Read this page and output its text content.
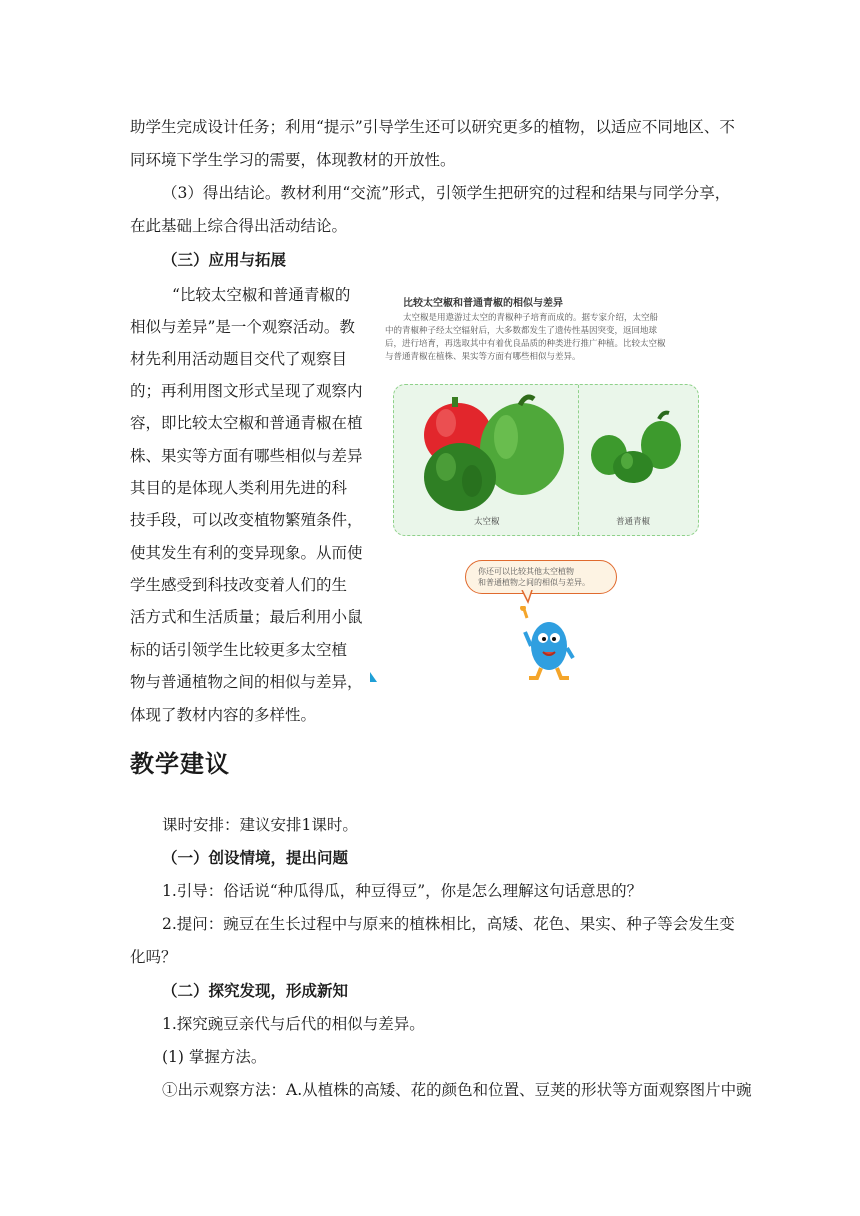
助学生完成设计任务；利用“提示”引导学生还可以研究更多的植物，以适应不同地区、不

同环境下学生学习的需要，体现教材的开放性。

（3）得出结论。教材利用“交流”形式，引领学生把研究的过程和结果与同学分享，

在此基础上综合得出活动结论。

（三）应用与拓展

“比较太空椒和普通青椒的

相似与差异”是一个观察活动。教

材先利用活动题目交代了观察目

的；再利用图文形式呈现了观察内

容，即比较太空椒和普通青椒在植

株、果实等方面有哪些相似与差异

其目的是体现人类利用先进的科

技手段，可以改变植物繁殖条件，

使其发生有利的变异现象。从而使

学生感受到科技改变着人们的生

活方式和生活质量；最后利用小鼠

标的话引领学生比较更多太空植

物与普通植物之间的相似与差异，

体现了教材内容的多样性。

比较太空椒和普通青椒的相似与差异
太空椒是用遨游过太空的青椒种子培育而成的。据专家介绍，太空船
中的青椒种子经太空辐射后，大多数都发生了遗传性基因突变，返回地球
后，进行培育，再选取其中有着优良品质的种类进行推广种植。比较太空椒
与普通青椒在植株、果实等方面有哪些相似与差异。
太空椒	普通青椒
你还可以比较其他太空植物
和普通植物之间的相似与差异。
教学建议

课时安排：建议安排1课时。

（一）创设情境，提出问题

1.引导：俗话说“种瓜得瓜，种豆得豆”，你是怎么理解这句话意思的？

2.提问：豌豆在生长过程中与原来的植株相比，高矮、花色、果实、种子等会发生变

化吗？

（二）探究发现，形成新知

1.探究豌豆亲代与后代的相似与差异。

(1) 掌握方法。

①出示观察方法：A.从植株的高矮、花的颜色和位置、豆荚的形状等方面观察图片中豌
